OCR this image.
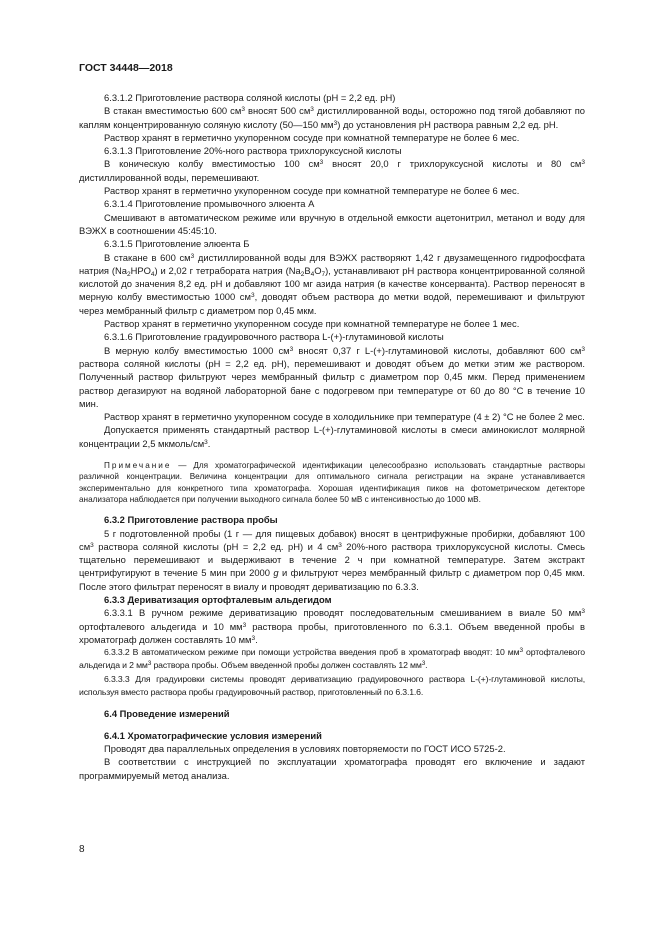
ГОСТ 34448—2018

6.3.1.2 Приготовление раствора соляной кислоты (рН = 2,2 ед. рН)

В стакан вместимостью 600 $см^3$ вносят 500 $см^3$ дистиллированной воды, осторожно под тягой добавляют по каплям концентрированную соляную кислоту (50—150 $мм^3$) до установления рН раствора равным 2,2 ед. рН.

Раствор хранят в герметично укупоренном сосуде при комнатной температуре не более 6 мес.

6.3.1.3 Приготовление 20%-ного раствора трихлоруксусной кислоты

В коническую колбу вместимостью 100 $см^3$ вносят 20,0 г трихлоруксусной кислоты и 80 $см^3$ дистиллированной воды, перемешивают.

Раствор хранят в герметично укупоренном сосуде при комнатной температуре не более 6 мес.

6.3.1.4 Приготовление промывочного элюента А

Смешивают в автоматическом режиме или вручную в отдельной емкости ацетонитрил, метанол и воду для ВЭЖХ в соотношении 45:45:10.

6.3.1.5 Приготовление элюента Б

В стакане в 600 $см^3$ дистиллированной воды для ВЭЖХ растворяют 1,42 г двузамещенного гидрофосфата натрия $(Na_2HPO_4)$ и 2,02 г тетрабората натрия $(Na_2B_4O_7)$, устанавливают рН раствора концентрированной соляной кислотой до значения 8,2 ед. рН и добавляют 100 мг азида натрия (в качестве консерванта). Раствор переносят в мерную колбу вместимостью 1000 $см^3$, доводят объем раствора до метки водой, перемешивают и фильтруют через мембранный фильтр с диаметром пор 0,45 мкм.

Раствор хранят в герметично укупоренном сосуде при комнатной температуре не более 1 мес.

6.3.1.6 Приготовление градуировочного раствора L-(+)-глутаминовой кислоты

В мерную колбу вместимостью 1000 $см^3$ вносят 0,37 г L-(+)-глутаминовой кислоты, добавляют 600 $см^3$ раствора соляной кислоты (рН = 2,2 ед. рН), перемешивают и доводят объем до метки этим же раствором. Полученный раствор фильтруют через мембранный фильтр с диаметром пор 0,45 мкм. Перед применением раствор дегазируют на водяной лабораторной бане с подогревом при температуре от 60 до 80 °С в течение 10 мин.

Раствор хранят в герметично укупоренном сосуде в холодильнике при температуре (4 ± 2) °С не более 2 мес.

Допускается применять стандартный раствор L-(+)-глутаминовой кислоты в смеси аминокислот молярной концентрации 2,5 мкмоль/$см^3$.

Примечание — Для хроматографической идентификации целесообразно использовать стандартные растворы различной концентрации. Величина концентрации для оптимального сигнала регистрации на экране устанавливается экспериментально для конкретного типа хроматографа. Хорошая идентификация пиков на фотометрическом детекторе анализатора наблюдается при получении выходного сигнала более 50 мВ с интенсивностью до 1000 мВ.

6.3.2 Приготовление раствора пробы

5 г подготовленной пробы (1 г — для пищевых добавок) вносят в центрифужные пробирки, добавляют 100 $см^3$ раствора соляной кислоты (рН = 2,2 ед. рН) и 4 $см^3$ 20%-ного раствора трихлоруксусной кислоты. Смесь тщательно перемешивают и выдерживают в течение 2 ч при комнатной температуре. Затем экстракт центрифугируют в течение 5 мин при 2000 g и фильтруют через мембранный фильтр с диаметром пор 0,45 мкм. После этого фильтрат переносят в виалу и проводят дериватизацию по 6.3.3.

6.3.3 Дериватизация ортофталевым альдегидом

6.3.3.1 В ручном режиме дериватизацию проводят последовательным смешиванием в виале 50 $мм^3$ ортофталевого альдегида и 10 $мм^3$ раствора пробы, приготовленного по 6.3.1. Объем введенной пробы в хроматограф должен составлять 10 $мм^3$.

6.3.3.2 В автоматическом режиме при помощи устройства введения проб в хроматограф вводят: 10 $мм^3$ ортофталевого альдегида и 2 $мм^3$ раствора пробы. Объем введенной пробы должен составлять 12 $мм^3$.

6.3.3.3 Для градуировки системы проводят дериватизацию градуировочного раствора L-(+)-глутаминовой кислоты, используя вместо раствора пробы градуировочный раствор, приготовленный по 6.3.1.6.

6.4 Проведение измерений

6.4.1 Хроматографические условия измерений

Проводят два параллельных определения в условиях повторяемости по ГОСТ ИСО 5725-2.

В соответствии с инструкцией по эксплуатации хроматографа проводят его включение и задают программируемый метод анализа.

8
